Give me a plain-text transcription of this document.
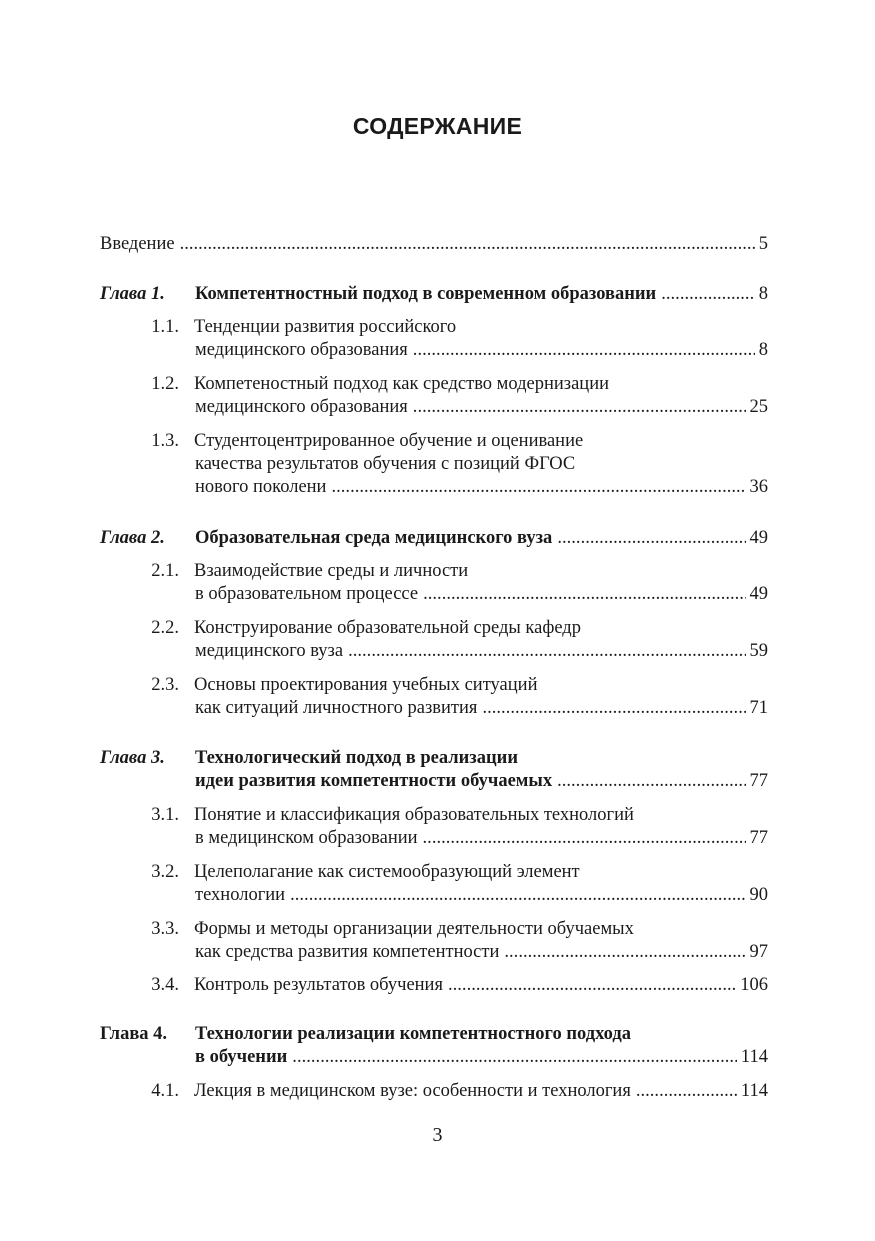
СОДЕРЖАНИЕ
Введение . . .	5
Глава 1.	Компетентностный подход в современном образовании . . .	8
1.1. Тенденции развития российского
медицинского образования . . .	8
1.2. Компетеностный подход как средство модернизации
медицинского образования . . .	25
1.3. Студентоцентрированное обучение и оценивание
качества результатов обучения с позиций ФГОС
нового поколени . . .	36
Глава 2.	Образовательная среда медицинского вуза . . .	49
2.1. Взаимодействие среды и личности
в образовательном процессе . . .	49
2.2. Конструирование образовательной среды кафедр
медицинского вуза . . .	59
2.3. Основы проектирования учебных ситуаций
как ситуаций личностного развития . . .	71
Глава 3.	Технологический подход в реализации
идеи развития компетентности обучаемых . . .	77
3.1. Понятие и классификация образовательных технологий
в медицинском образовании . . .	77
3.2. Целеполагание как системообразующий элемент
технологии . . .	90
3.3. Формы и методы организации деятельности обучаемых
как средства развития компетентности . . .	97
3.4. Контроль результатов обучения . . .	106
Глава 4.	Технологии реализации компетентностного подхода
в обучении . . .	114
4.1. Лекция в медицинском вузе: особенности и технология . . .	114
3
